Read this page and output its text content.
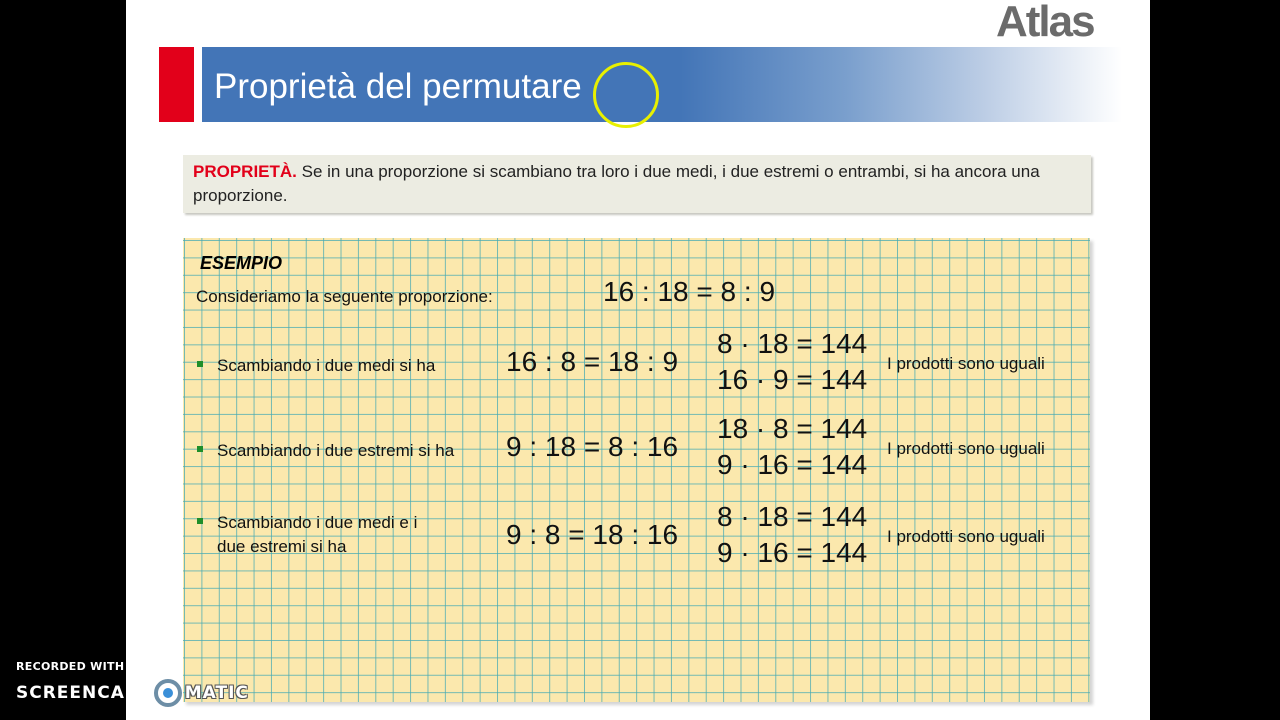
Atlas
Proprietà del permutare
PROPRIETÀ. Se in una proporzione si scambiano tra loro i due medi, i due estremi o entrambi, si ha ancora una proporzione.
ESEMPIO
Consideriamo la seguente proporzione:	16 : 18 = 8 : 9
Scambiando i due medi si ha	16 : 8 = 18 : 9
8 · 18 = 144
16 · 9 = 144
I prodotti sono uguali
Scambiando i due estremi si ha 9 : 18 = 8 : 16
18 · 8 = 144
9 · 16 = 144
I prodotti sono uguali
Scambiando i due medi e i
due estremi si ha	9 : 8 = 18 : 16
8 · 18 = 144
9 · 16 = 144
I prodotti sono uguali
RECORDED WITH
SCREENCAST MATIC
